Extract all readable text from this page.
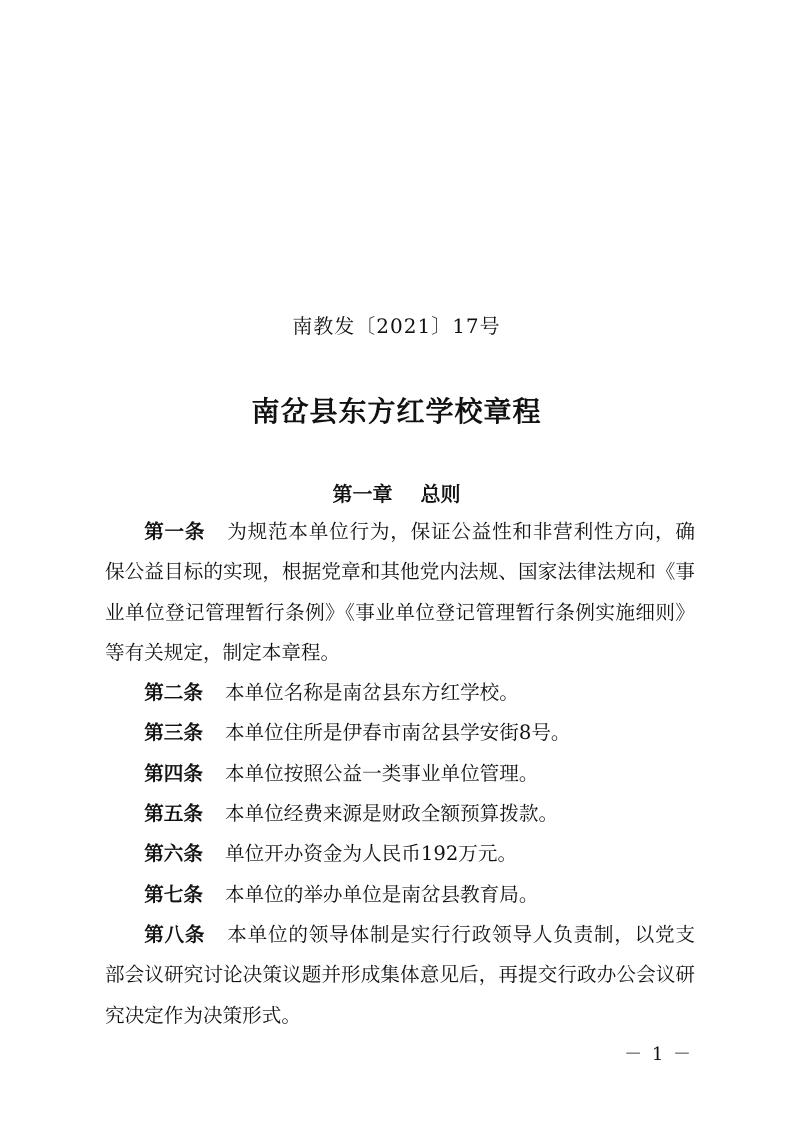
南教发〔2021〕17号
南岔县东方红学校章程
第一章 总则

第一条 为规范本单位行为，保证公益性和非营利性方向，确保公益目标的实现，根据党章和其他党内法规、国家法律法规和《事业单位登记管理暂行条例》《事业单位登记管理暂行条例实施细则》等有关规定，制定本章程。

第二条 本单位名称是南岔县东方红学校。

第三条 本单位住所是伊春市南岔县学安街8号。

第四条 本单位按照公益一类事业单位管理。

第五条 本单位经费来源是财政全额预算拨款。

第六条 单位开办资金为人民币192万元。

第七条 本单位的举办单位是南岔县教育局。

第八条 本单位的领导体制是实行行政领导人负责制，以党支部会议研究讨论决策议题并形成集体意见后，再提交行政办公会议研究决定作为决策形式。

－ 1 －
